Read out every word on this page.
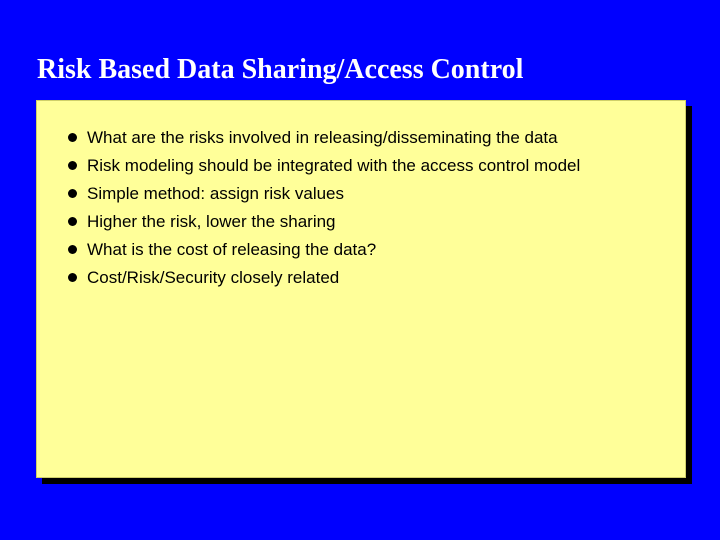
Risk Based Data Sharing/Access Control
What are the risks involved in releasing/disseminating the data
Risk modeling should be integrated with the access control model
Simple method: assign risk values
Higher the risk, lower the sharing
What is the cost of releasing the data?
Cost/Risk/Security closely related
